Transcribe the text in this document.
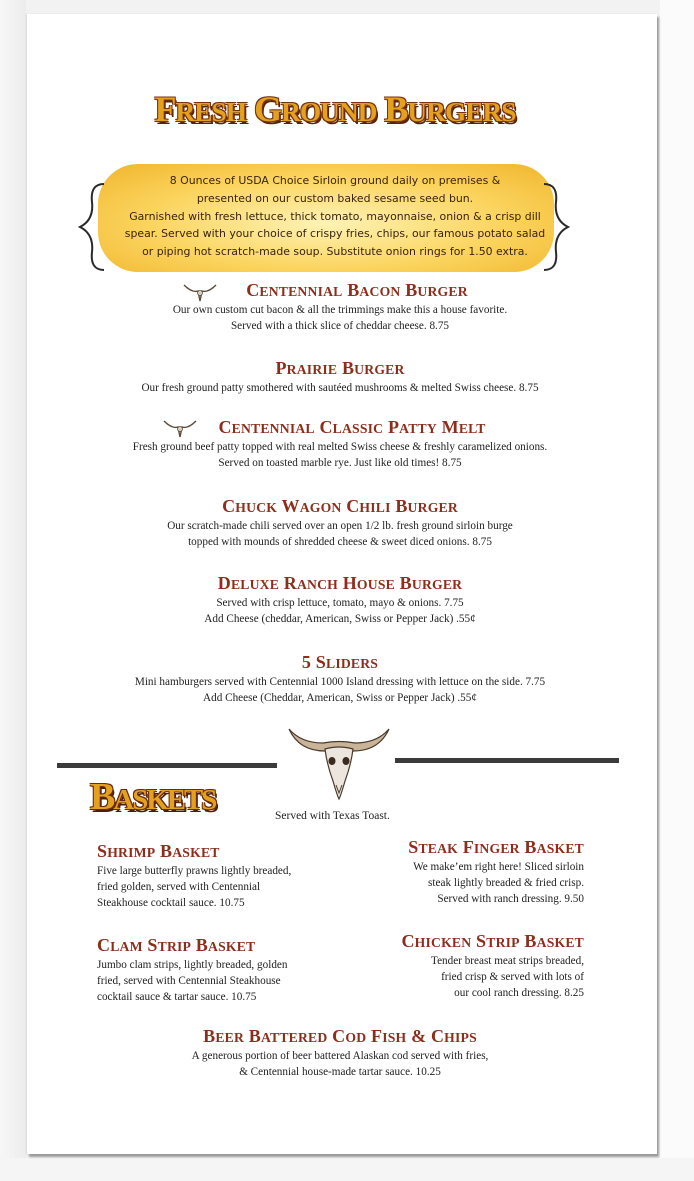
FRESH GROUND BURGERS
8 Ounces of USDA Choice Sirloin ground daily on premises &
presented on our custom baked sesame seed bun.
Garnished with fresh lettuce, thick tomato, mayonnaise, onion & a crisp dill
spear. Served with your choice of crispy fries, chips, our famous potato salad
or piping hot scratch-made soup. Substitute onion rings for 1.50 extra.
CENTENNIAL BACON BURGER
Our own custom cut bacon & all the trimmings make this a house favorite.
Served with a thick slice of cheddar cheese. 8.75
PRAIRIE BURGER
Our fresh ground patty smothered with sautéed mushrooms & melted Swiss cheese. 8.75
CENTENNIAL CLASSIC PATTY MELT
Fresh ground beef patty topped with real melted Swiss cheese & freshly caramelized onions.
Served on toasted marble rye. Just like old times! 8.75
CHUCK WAGON CHILI BURGER
Our scratch-made chili served over an open 1/2 lb. fresh ground sirloin burge
topped with mounds of shredded cheese & sweet diced onions. 8.75
DELUXE RANCH HOUSE BURGER
Served with crisp lettuce, tomato, mayo & onions. 7.75
Add Cheese (cheddar, American, Swiss or Pepper Jack) .55¢
5 SLIDERS
Mini hamburgers served with Centennial 1000 Island dressing with lettuce on the side. 7.75
Add Cheese (Cheddar, American, Swiss or Pepper Jack) .55¢
BASKETS	Served with Texas Toast.
SHRIMP BASKET
Five large butterfly prawns lightly breaded,
fried golden, served with Centennial
Steakhouse cocktail sauce. 10.75
STEAK FINGER BASKET
We make’em right here! Sliced sirloin
steak lightly breaded & fried crisp.
Served with ranch dressing. 9.50
CLAM STRIP BASKET
Jumbo clam strips, lightly breaded, golden
fried, served with Centennial Steakhouse
cocktail sauce & tartar sauce. 10.75
CHICKEN STRIP BASKET
Tender breast meat strips breaded,
fried crisp & served with lots of
our cool ranch dressing. 8.25
BEER BATTERED COD FISH & CHIPS
A generous portion of beer battered Alaskan cod served with fries,
& Centennial house-made tartar sauce. 10.25
